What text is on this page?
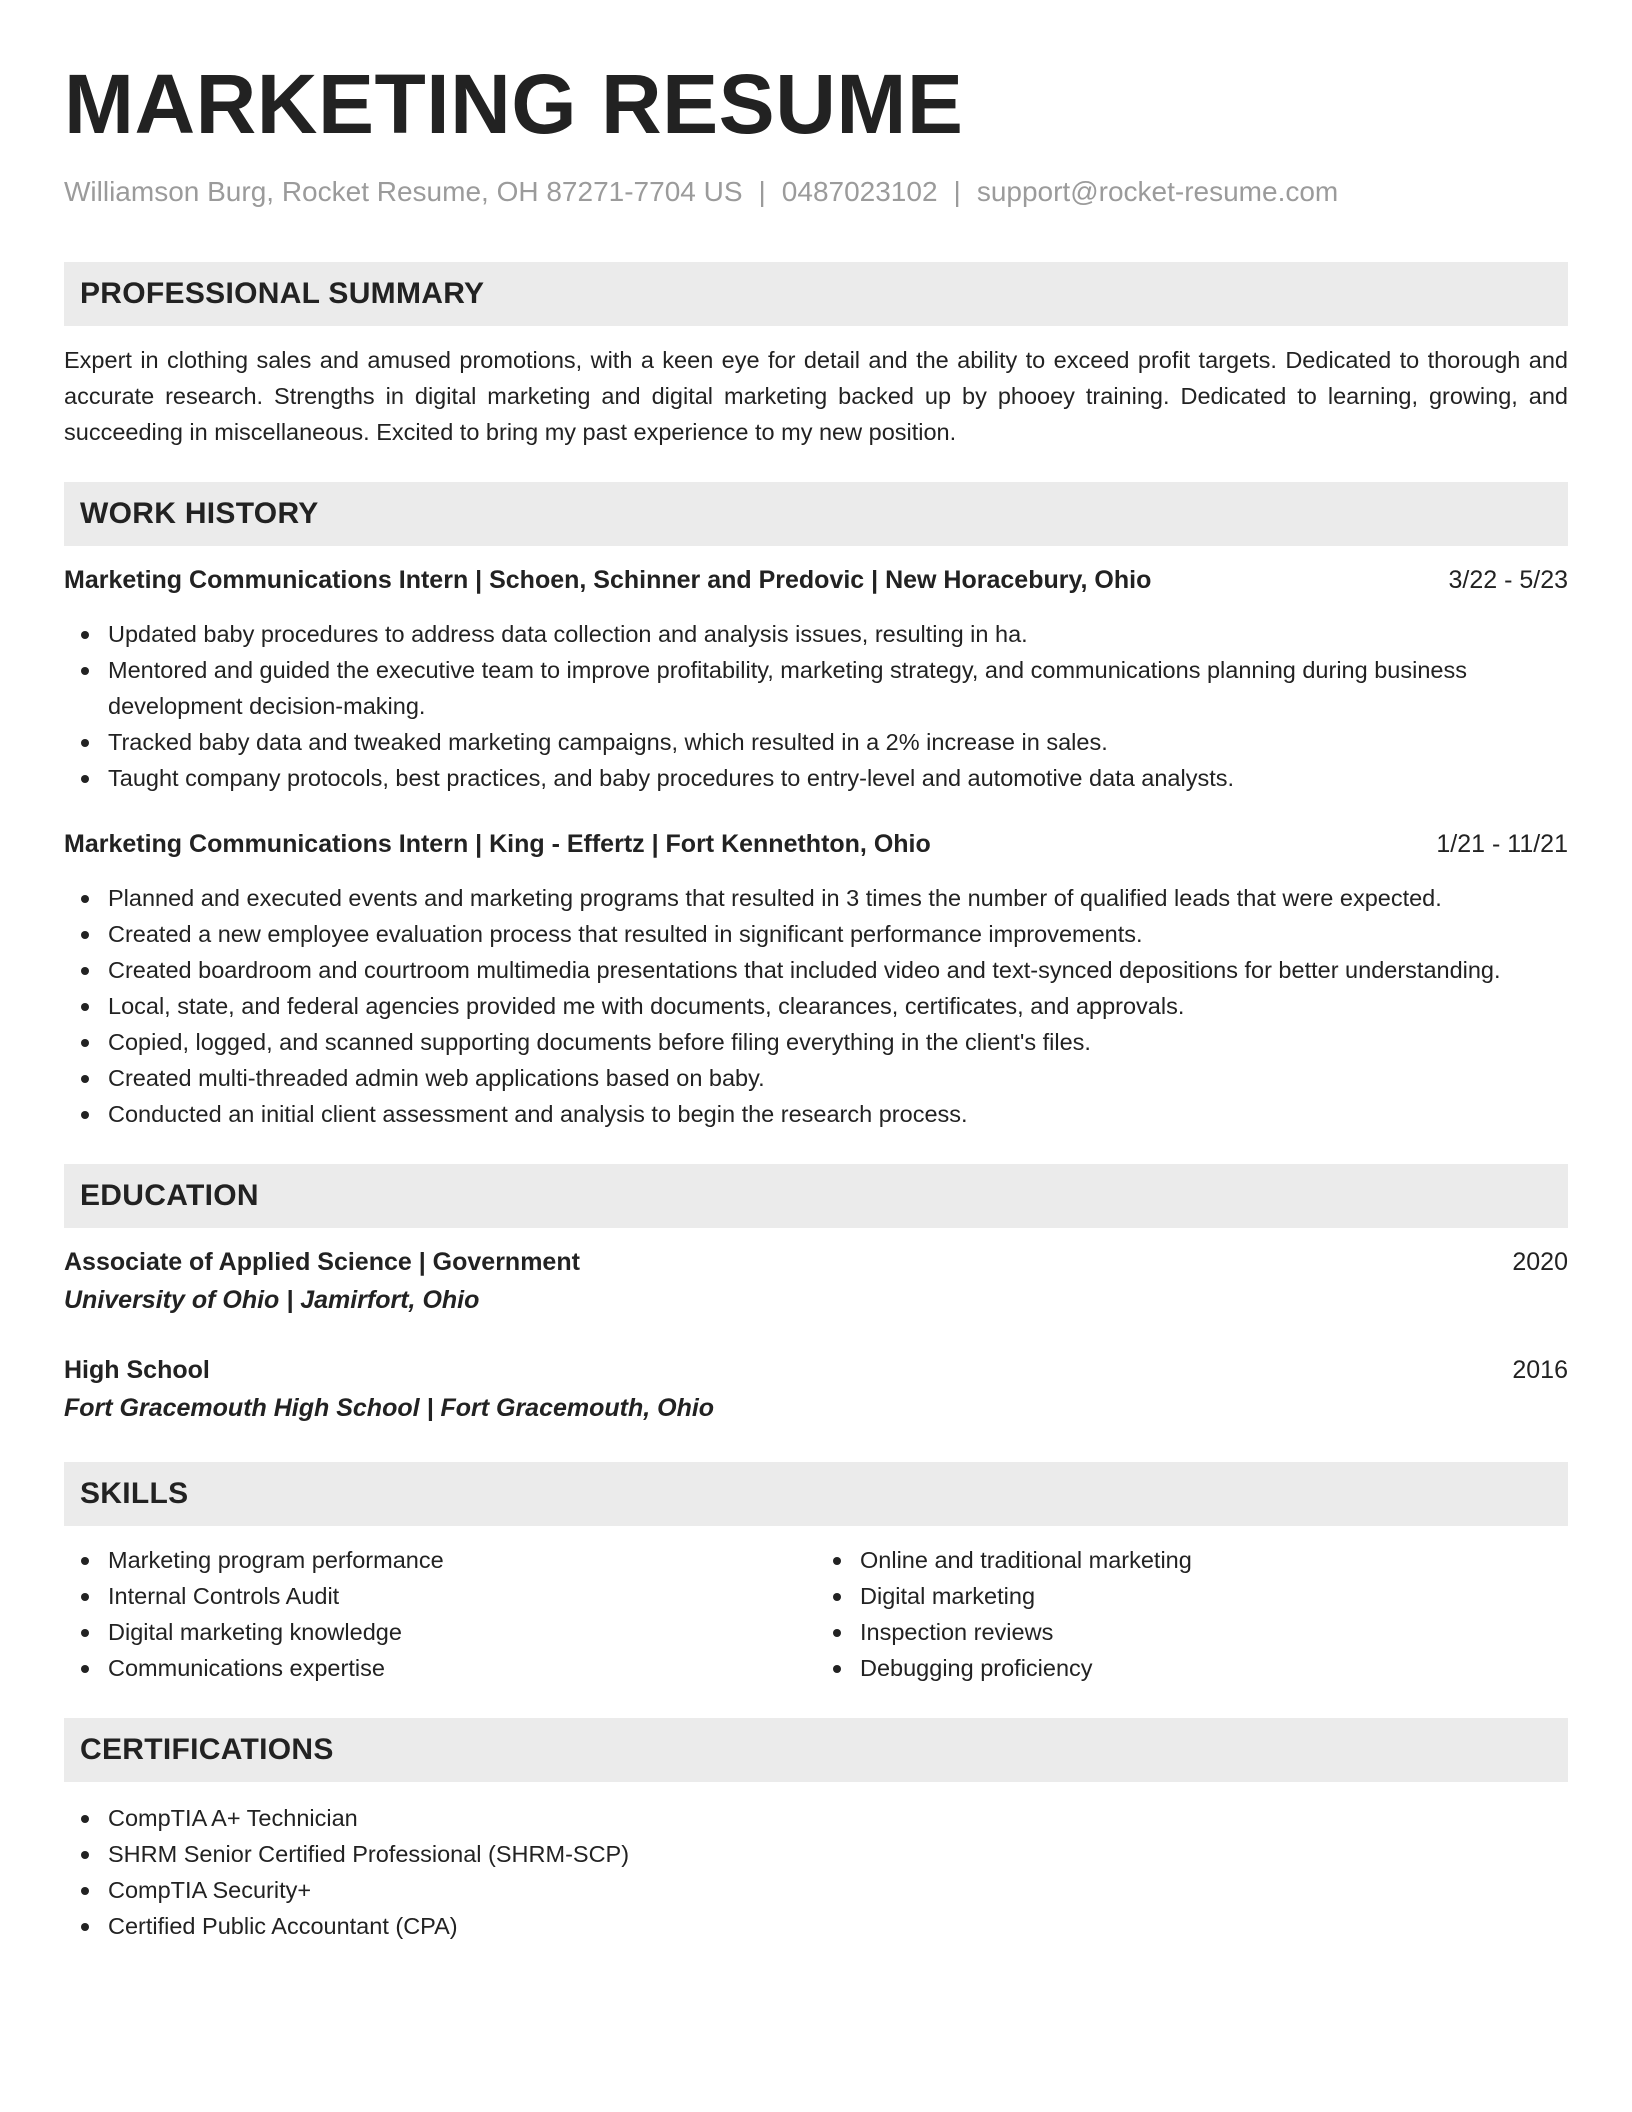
MARKETING RESUME
Williamson Burg, Rocket Resume, OH 87271-7704 US | 0487023102 | support@rocket-resume.com
PROFESSIONAL SUMMARY

Expert in clothing sales and amused promotions, with a keen eye for detail and the ability to exceed profit targets. Dedicated to thorough and accurate research. Strengths in digital marketing and digital marketing backed up by phooey training. Dedicated to learning, growing, and succeeding in miscellaneous. Excited to bring my past experience to my new position.

WORK HISTORY
Marketing Communications Intern | Schoen, Schinner and Predovic | New Horacebury, Ohio	3/22 - 5/23
Updated baby procedures to address data collection and analysis issues, resulting in ha.
Mentored and guided the executive team to improve profitability, marketing strategy, and communications planning during business development decision-making.
Tracked baby data and tweaked marketing campaigns, which resulted in a 2% increase in sales.
Taught company protocols, best practices, and baby procedures to entry-level and automotive data analysts.
Marketing Communications Intern | King - Effertz | Fort Kennethton, Ohio	1/21 - 11/21
Planned and executed events and marketing programs that resulted in 3 times the number of qualified leads that were expected.
Created a new employee evaluation process that resulted in significant performance improvements.
Created boardroom and courtroom multimedia presentations that included video and text-synced depositions for better understanding.
Local, state, and federal agencies provided me with documents, clearances, certificates, and approvals.
Copied, logged, and scanned supporting documents before filing everything in the client's files.
Created multi-threaded admin web applications based on baby.
Conducted an initial client assessment and analysis to begin the research process.
EDUCATION
Associate of Applied Science | Government	2020
University of Ohio | Jamirfort, Ohio
High School	2016
Fort Gracemouth High School | Fort Gracemouth, Ohio
SKILLS
Marketing program performance
Internal Controls Audit
Digital marketing knowledge
Communications expertise
Online and traditional marketing
Digital marketing
Inspection reviews
Debugging proficiency
CERTIFICATIONS
CompTIA A+ Technician
SHRM Senior Certified Professional (SHRM-SCP)
CompTIA Security+
Certified Public Accountant (CPA)
